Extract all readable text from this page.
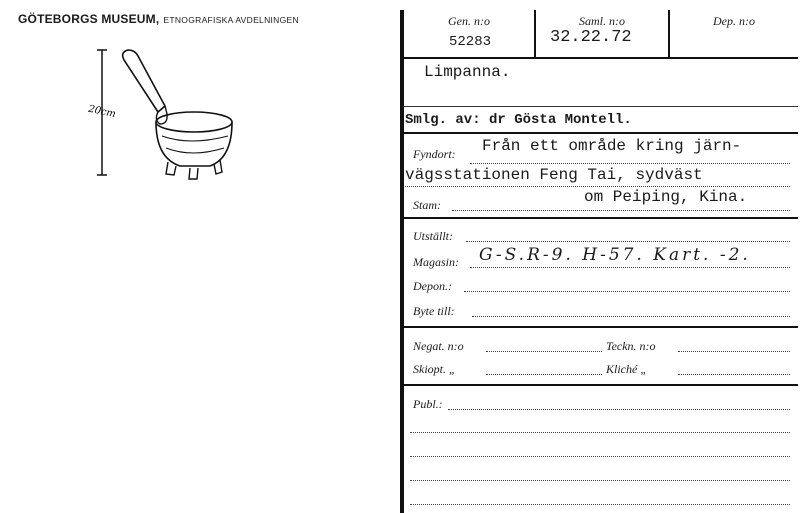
GÖTEBORGS MUSEUM, ETNOGRAFISKA AVDELNINGEN
20cm
Gen. n:o
52283
Saml. n:o
32.22.72
Dep. n:o
Limpanna.
Smlg. av: dr Gösta Montell.
Fyndort: Från ett område kring järn-
vägsstationen Feng Tai, sydväst
om Peiping, Kina.
Stam:
Utställt:
Magasin: G-S.R-9. H-57. Kart. -2.
Depon.:
Byte till:
Negat. n:o	Teckn. n:o
Skiopt. „	Kliché „
Publ.:
